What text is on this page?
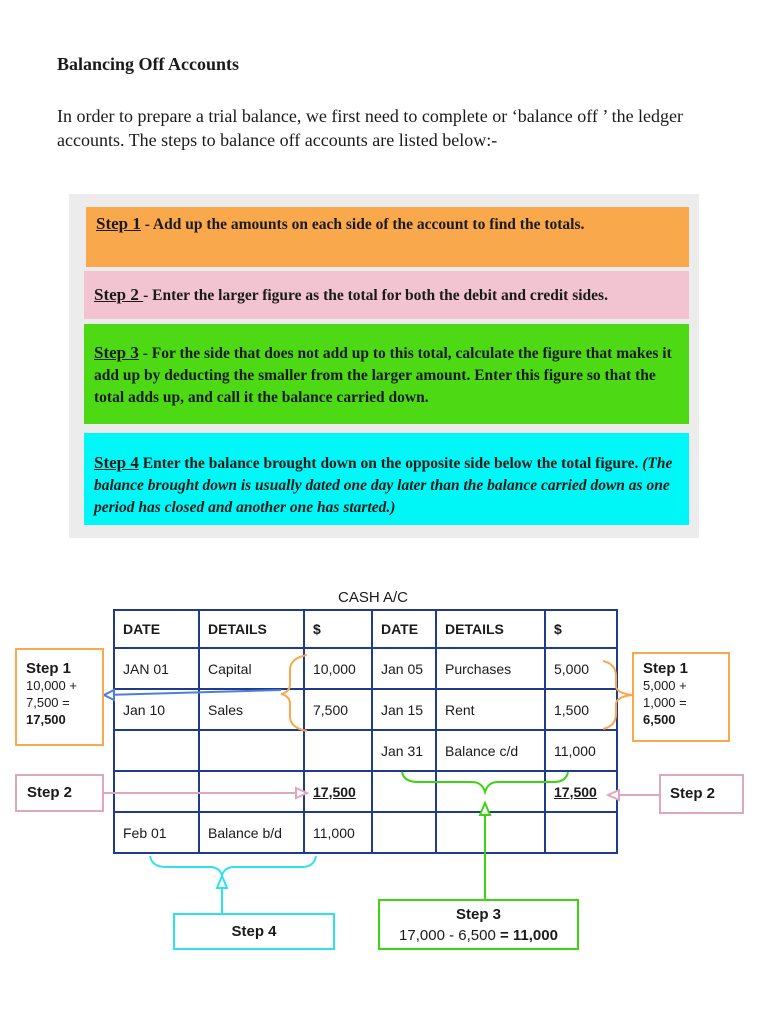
Balancing Off Accounts

In order to prepare a trial balance, we first need to complete or ‘balance off ’ the ledger accounts. The steps to balance off accounts are listed below:-

Step 1 - Add up the amounts on each side of the account to find the totals.
Step 2 - Enter the larger figure as the total for both the debit and credit sides.
Step 3 - For the side that does not add up to this total, calculate the figure that makes it add up by deducting the smaller from the larger amount. Enter this figure so that the total adds up, and call it the balance carried down.
Step 4 Enter the balance brought down on the opposite side below the total figure. (The balance brought down is usually dated one day later than the balance carried down as one period has closed and another one has started.)
CASH A/C
DATE	DETAILS	$	DATE	DETAILS	$
JAN 01	Capital	10,000	Jan 05	Purchases	5,000
Jan 10	Sales	7,500	Jan 15	Rent	1,500
			Jan 31	Balance c/d	11,000
		17,500			17,500
Feb 01	Balance b/d	11,000			
Step 1
10,000 +
7,500 =
17,500
Step 1
5,000 +
1,000 =
6,500
Step 2	Step 2
Step 3
17,000 - 6,500 = 11,000
Step 4
